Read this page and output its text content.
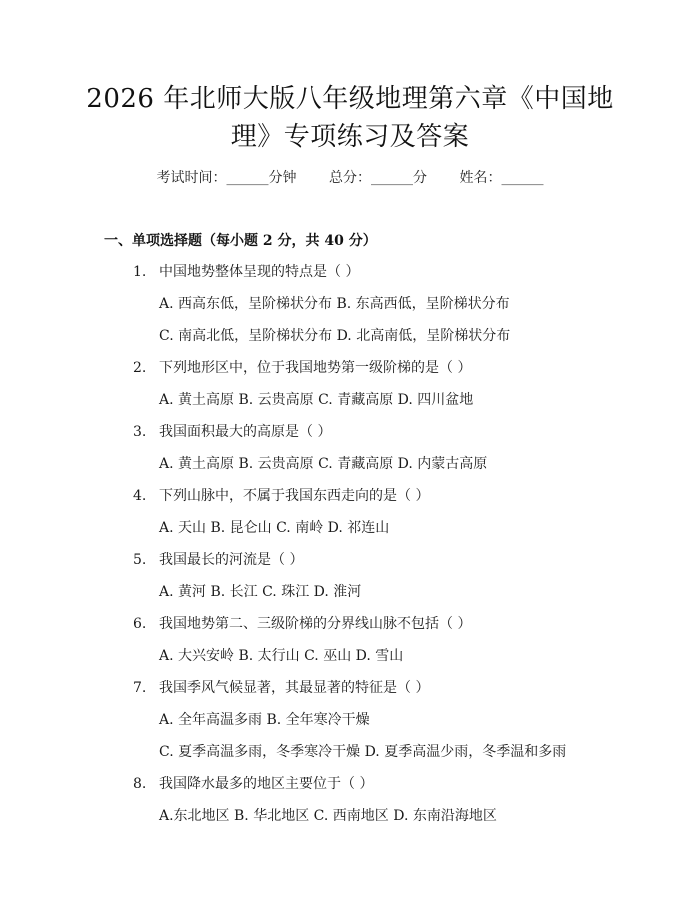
2026 年北师大版八年级地理第六章《中国地
理》专项练习及答案
考试时间：______分钟 总分：______分 姓名：______
一、单项选择题（每小题 2 分，共 40 分）
1. 中国地势整体呈现的特点是（ ）
A. 西高东低，呈阶梯状分布 B. 东高西低，呈阶梯状分布
C. 南高北低，呈阶梯状分布 D. 北高南低，呈阶梯状分布
2. 下列地形区中，位于我国地势第一级阶梯的是（ ）
A. 黄土高原 B. 云贵高原 C. 青藏高原 D. 四川盆地
3. 我国面积最大的高原是（ ）
A. 黄土高原 B. 云贵高原 C. 青藏高原 D. 内蒙古高原
4. 下列山脉中，不属于我国东西走向的是（ ）
A. 天山 B. 昆仑山 C. 南岭 D. 祁连山
5. 我国最长的河流是（ ）
A. 黄河 B. 长江 C. 珠江 D. 淮河
6. 我国地势第二、三级阶梯的分界线山脉不包括（ ）
A. 大兴安岭 B. 太行山 C. 巫山 D. 雪山
7. 我国季风气候显著，其最显著的特征是（ ）
A. 全年高温多雨 B. 全年寒冷干燥
C. 夏季高温多雨，冬季寒冷干燥 D. 夏季高温少雨，冬季温和多雨
8. 我国降水最多的地区主要位于（ ）
A.东北地区 B. 华北地区 C. 西南地区 D. 东南沿海地区
